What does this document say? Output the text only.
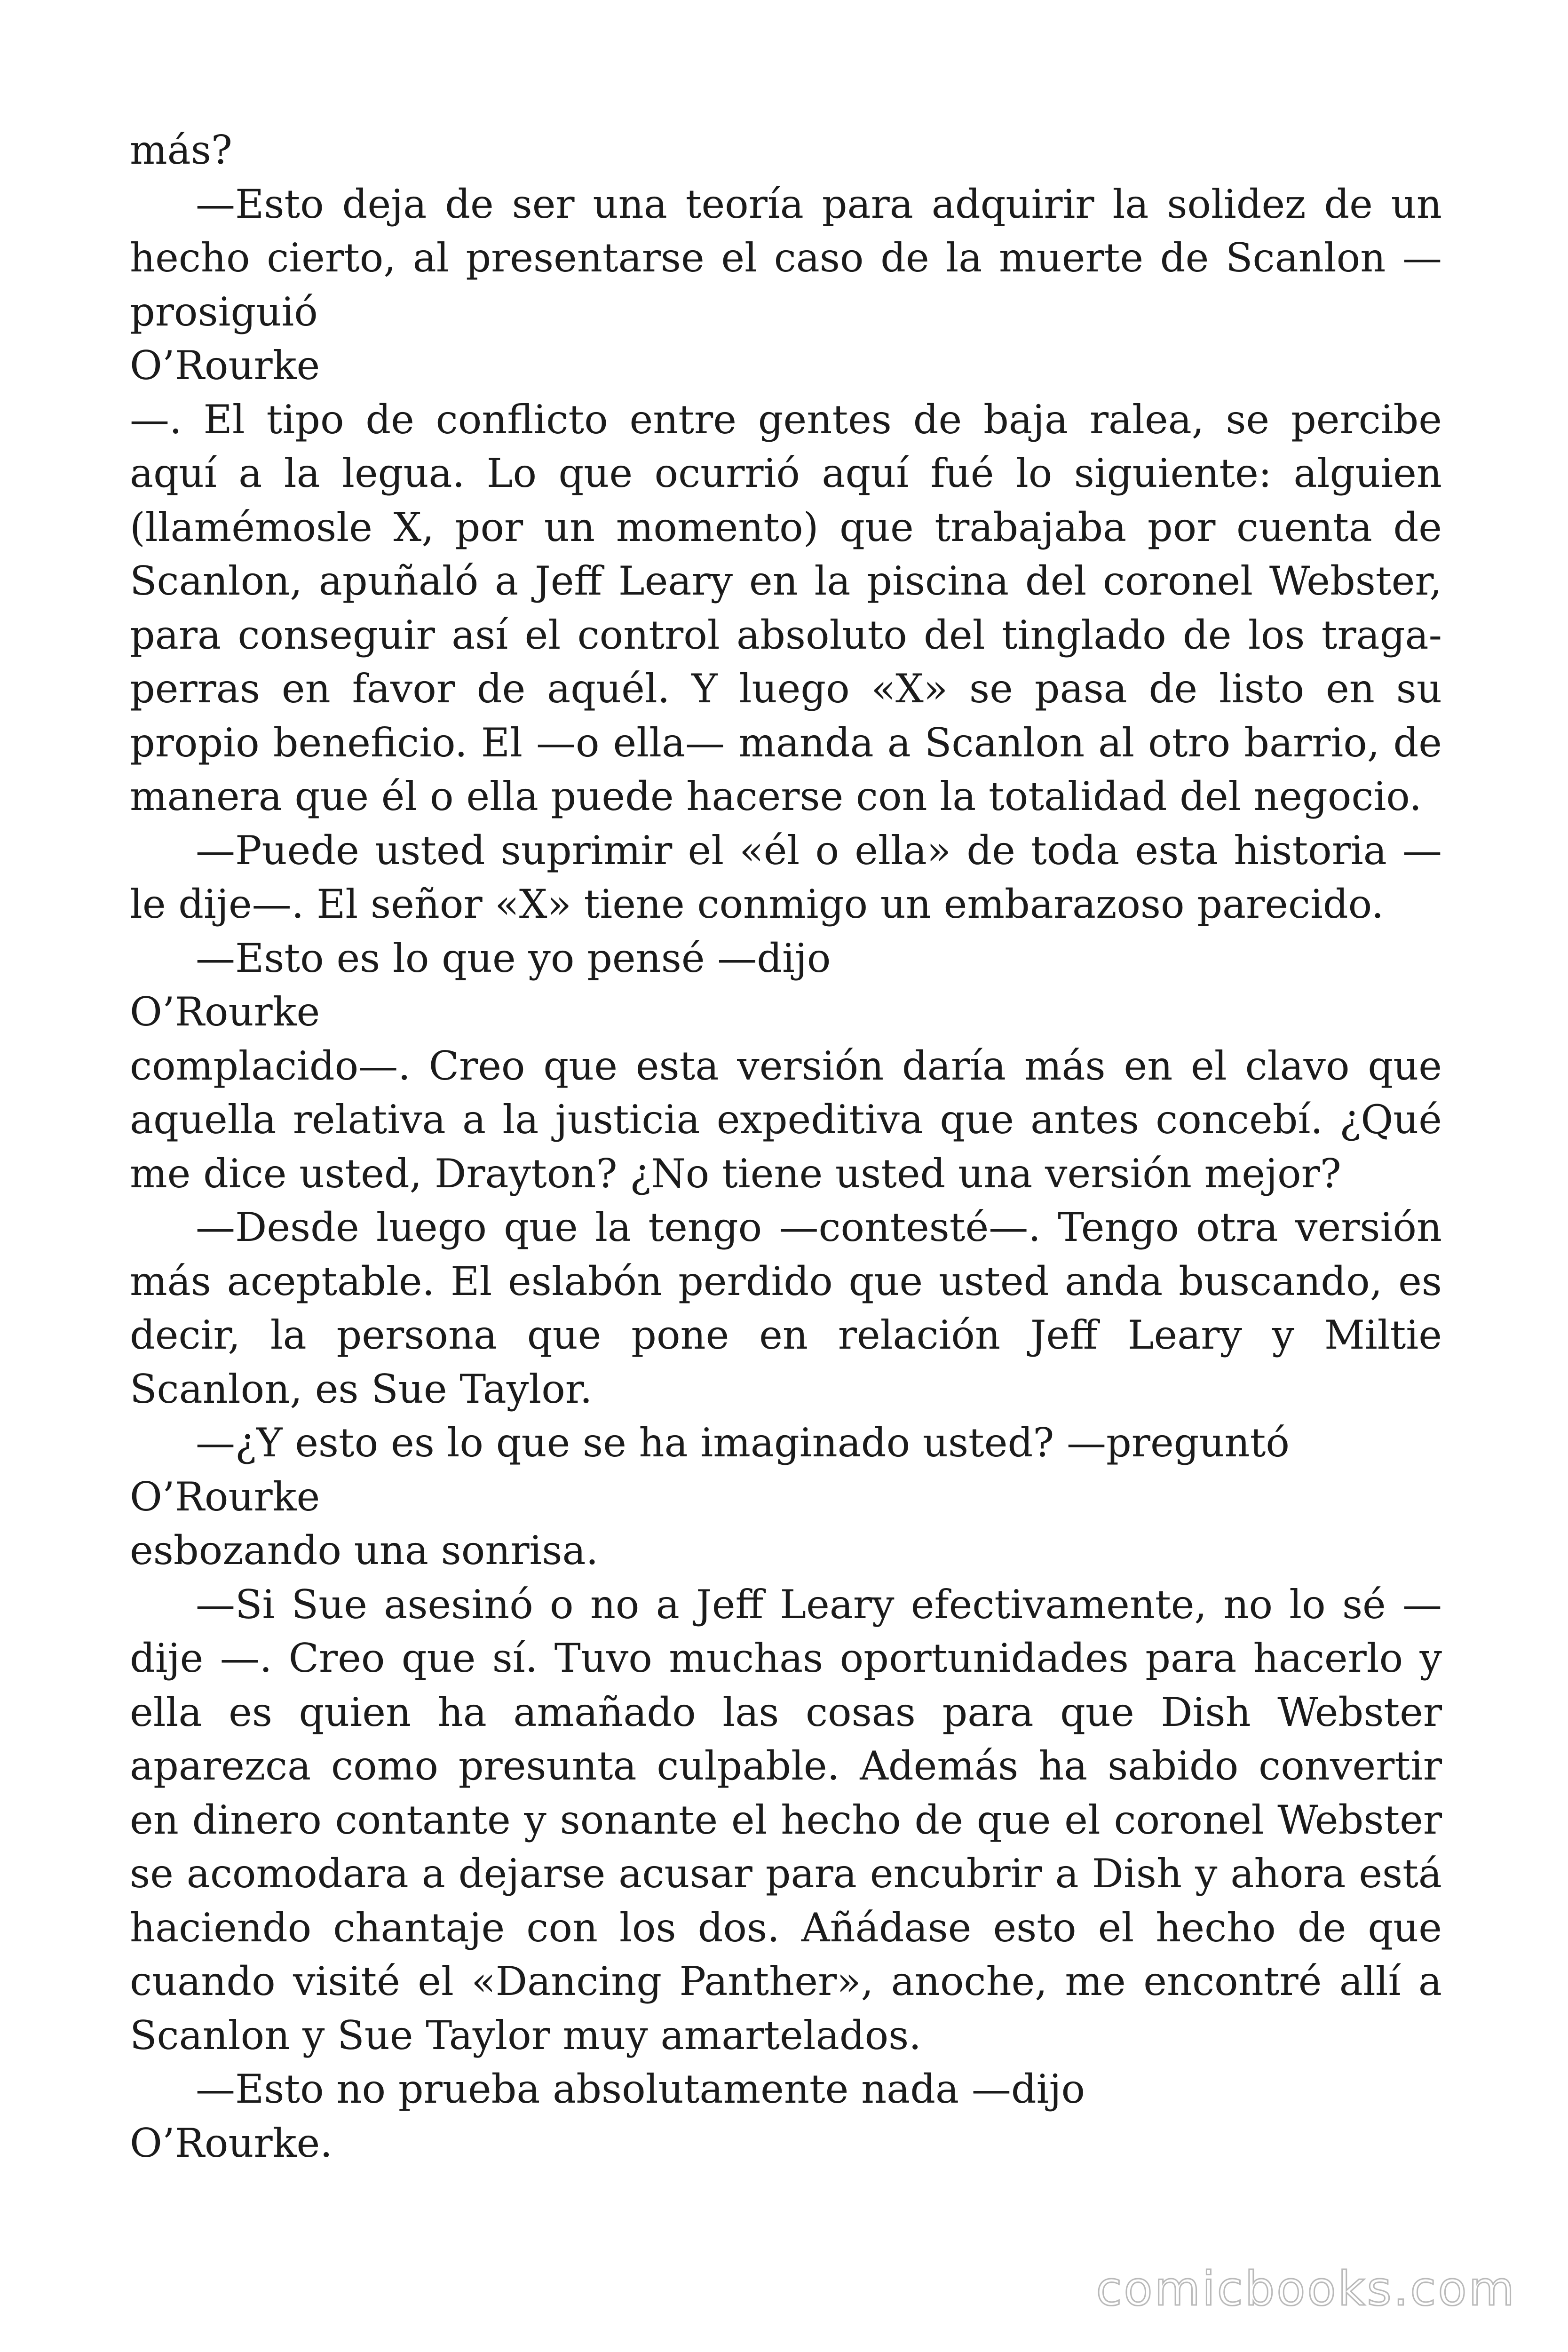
más?

—Esto deja de ser una teoría para adquirir la solidez de un hecho cierto, al presentarse el caso de la muerte de Scanlon —prosiguió

O’Rourke

—. El tipo de conflicto entre gentes de baja ralea, se percibe aquí a la legua. Lo que ocurrió aquí fué lo siguiente: alguien (llamémosle X, por un momento) que trabajaba por cuenta de Scanlon, apuñaló a Jeff Leary en la piscina del coronel Webster, para conseguir así el control absoluto del tinglado de los tragaperras en favor de aquél. Y luego «X» se pasa de listo en su propio beneficio. El —o ella— manda a Scanlon al otro barrio, de manera que él o ella puede hacerse con la totalidad del negocio.

—Puede usted suprimir el «él o ella» de toda esta historia —le dije—. El señor «X» tiene conmigo un embarazoso parecido.

—Esto es lo que yo pensé —dijo

O’Rourke

complacido—. Creo que esta versión daría más en el clavo que aquella relativa a la justicia expeditiva que antes concebí. ¿Qué me dice usted, Drayton? ¿No tiene usted una versión mejor?

—Desde luego que la tengo —contesté—. Tengo otra versión más aceptable. El eslabón perdido que usted anda buscando, es decir, la persona que pone en relación Jeff Leary y Miltie Scanlon, es Sue Taylor.

—¿Y esto es lo que se ha imaginado usted? —preguntó

O’Rourke

esbozando una sonrisa.

—Si Sue asesinó o no a Jeff Leary efectivamente, no lo sé —dije —. Creo que sí. Tuvo muchas oportunidades para hacerlo y ella es quien ha amañado las cosas para que Dish Webster aparezca como presunta culpable. Además ha sabido convertir en dinero contante y sonante el hecho de que el coronel Webster se acomodara a dejarse acusar para encubrir a Dish y ahora está haciendo chantaje con los dos. Añádase esto el hecho de que cuando visité el «Dancing Panther», anoche, me encontré allí a Scanlon y Sue Taylor muy amartelados.

—Esto no prueba absolutamente nada —dijo

O’Rourke.

comicbooks.com
